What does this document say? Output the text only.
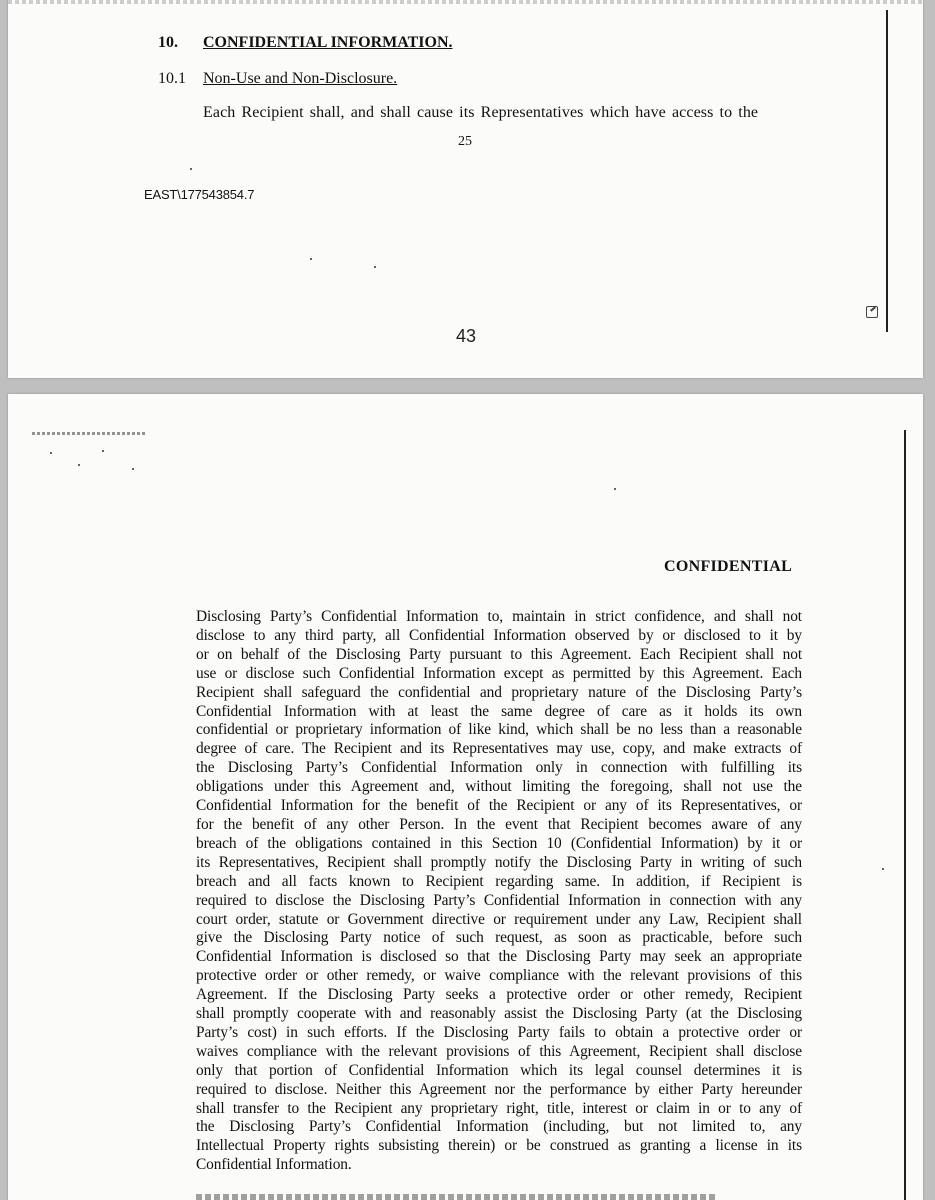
10. CONFIDENTIAL INFORMATION.
10.1 Non-Use and Non-Disclosure.
Each Recipient shall, and shall cause its Representatives which have access to the
25
EAST\177543854.7
43
CONFIDENTIAL
Disclosing Party’s Confidential Information to, maintain in strict confidence, and shall not
disclose to any third party, all Confidential Information observed by or disclosed to it by
or on behalf of the Disclosing Party pursuant to this Agreement. Each Recipient shall not
use or disclose such Confidential Information except as permitted by this Agreement. Each
Recipient shall safeguard the confidential and proprietary nature of the Disclosing Party’s
Confidential Information with at least the same degree of care as it holds its own
confidential or proprietary information of like kind, which shall be no less than a reasonable
degree of care. The Recipient and its Representatives may use, copy, and make extracts of
the Disclosing Party’s Confidential Information only in connection with fulfilling its
obligations under this Agreement and, without limiting the foregoing, shall not use the
Confidential Information for the benefit of the Recipient or any of its Representatives, or
for the benefit of any other Person. In the event that Recipient becomes aware of any
breach of the obligations contained in this Section 10 (Confidential Information) by it or
its Representatives, Recipient shall promptly notify the Disclosing Party in writing of such
breach and all facts known to Recipient regarding same. In addition, if Recipient is
required to disclose the Disclosing Party’s Confidential Information in connection with any
court order, statute or Government directive or requirement under any Law, Recipient shall
give the Disclosing Party notice of such request, as soon as practicable, before such
Confidential Information is disclosed so that the Disclosing Party may seek an appropriate
protective order or other remedy, or waive compliance with the relevant provisions of this
Agreement. If the Disclosing Party seeks a protective order or other remedy, Recipient
shall promptly cooperate with and reasonably assist the Disclosing Party (at the Disclosing
Party’s cost) in such efforts. If the Disclosing Party fails to obtain a protective order or
waives compliance with the relevant provisions of this Agreement, Recipient shall disclose
only that portion of Confidential Information which its legal counsel determines it is
required to disclose. Neither this Agreement nor the performance by either Party hereunder
shall transfer to the Recipient any proprietary right, title, interest or claim in or to any of
the Disclosing Party’s Confidential Information (including, but not limited to, any
Intellectual Property rights subsisting therein) or be construed as granting a license in its
Confidential Information.
